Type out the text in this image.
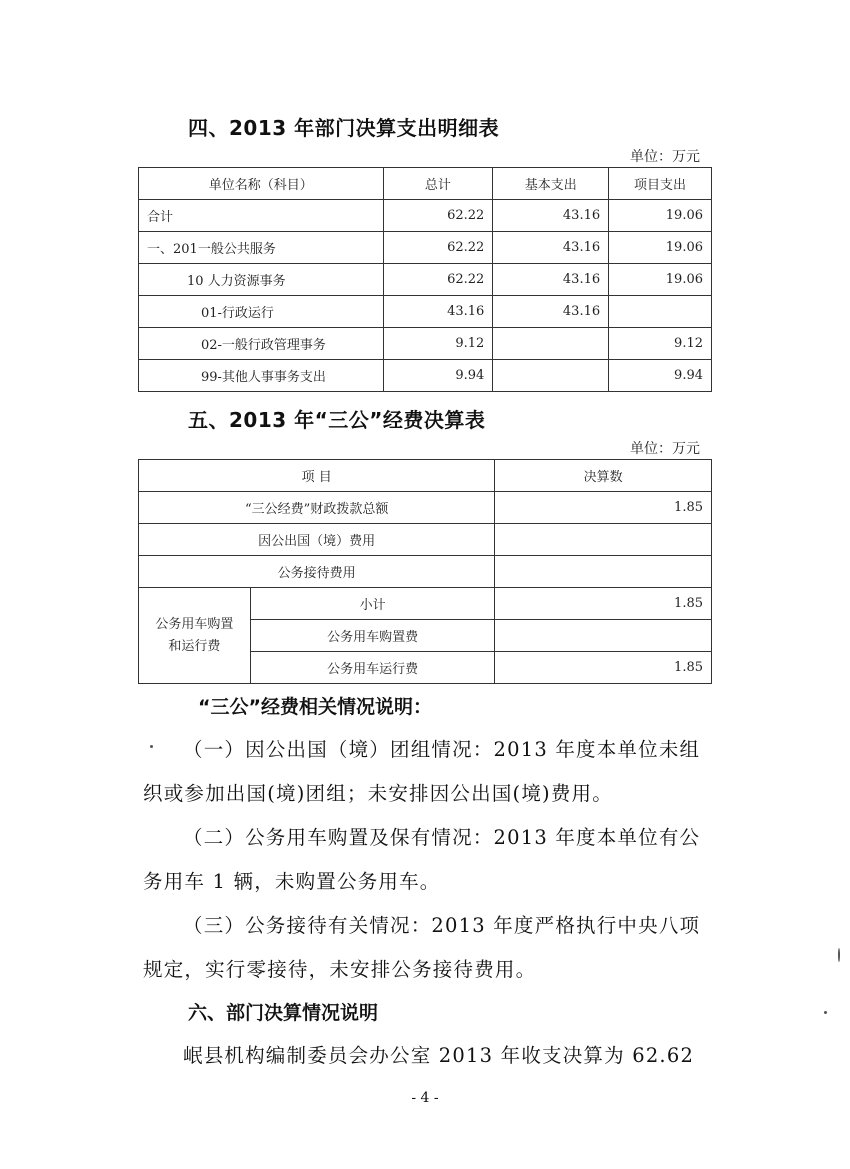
四、2013 年部门决算支出明细表
单位：万元
单位名称（科目）	总计	基本支出	项目支出
合计	62.22	43.16	19.06
一、201一般公共服务	62.22	43.16	19.06
10 人力资源事务	62.22	43.16	19.06
01-行政运行	43.16	43.16	
02-一般行政管理事务	9.12		9.12
99-其他人事事务支出	9.94		9.94
五、2013 年“三公”经费决算表
单位：万元
项 目		决算数
“三公经费”财政拨款总额		1.85
因公出国（境）费用		
公务接待费用		
公务用车购置和运行费	小计	1.85
	公务用车购置费	
	公务用车运行费	1.85
“三公”经费相关情况说明：
（一）因公出国（境）团组情况：2013 年度本单位未组织或参加出国(境)团组；未安排因公出国(境)费用。
（二）公务用车购置及保有情况：2013 年度本单位有公务用车 1 辆，未购置公务用车。
（三）公务接待有关情况：2013 年度严格执行中央八项规定，实行零接待，未安排公务接待费用。
六、部门决算情况说明
岷县机构编制委员会办公室 2013 年收支决算为 62.62
- 4 -
